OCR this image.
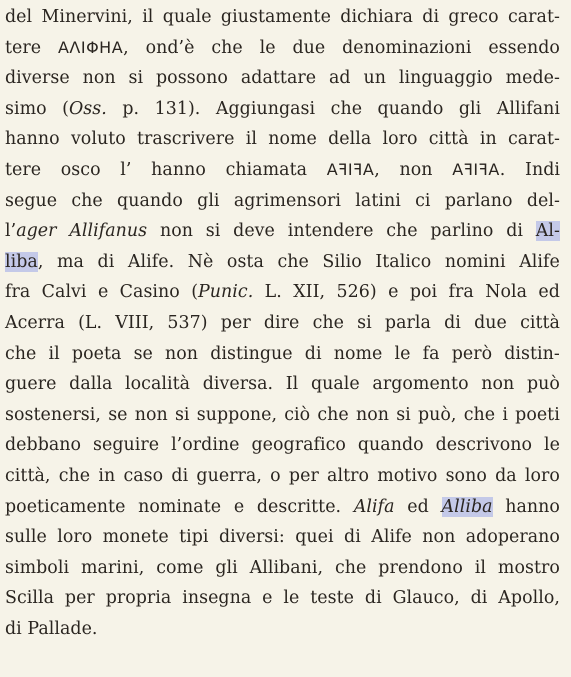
del Minervini, il quale giustamente dichiara di greco carat-
tere ΑΛΙΦΗΑ, ond’è che le due denominazioni essendo
diverse non si possono adattare ad un linguaggio mede-
simo (Oss. p. 131). Aggiungasi che quando gli Allifani
hanno voluto trascrivere il nome della loro città in carat-
tere osco l’ hanno chiamata ΑꟻΙꟻΑ, non ΑꟻΙꟻΑ. Indi
segue che quando gli agrimensori latini ci parlano del-
l’ager Allifanus non si deve intendere che parlino di Al-
liba, ma di Alife. Nè osta che Silio Italico nomini Alife
fra Calvi e Casino (Punic. L. XII, 526) e poi fra Nola ed
Acerra (L. VIII, 537) per dire che si parla di due città
che il poeta se non distingue di nome le fa però distin-
guere dalla località diversa. Il quale argomento non può
sostenersi, se non si suppone, ciò che non si può, che i poeti
debbano seguire l’ordine geografico quando descrivono le
città, che in caso di guerra, o per altro motivo sono da loro
poeticamente nominate e descritte. Alifa ed Alliba hanno
sulle loro monete tipi diversi: quei di Alife non adoperano
simboli marini, come gli Allibani, che prendono il mostro
Scilla per propria insegna e le teste di Glauco, di Apollo,
di Pallade.
